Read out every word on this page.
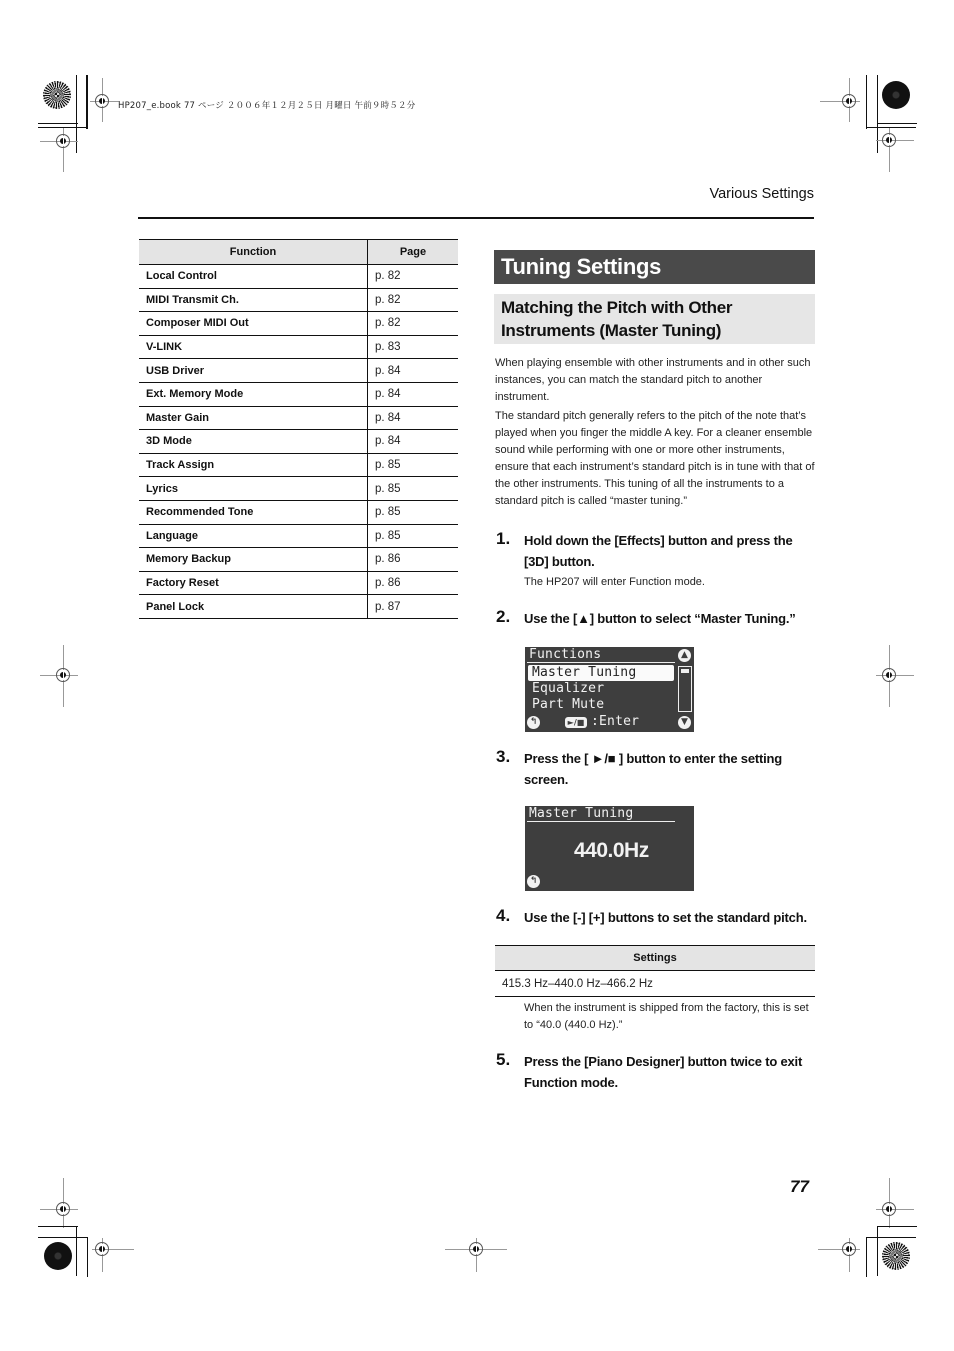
HP207_e.book 77 ページ ２００６年１２月２５日 月曜日 午前９時５２分
Various Settings
Function	Page
Local Control	p. 82
MIDI Transmit Ch.	p. 82
Composer MIDI Out	p. 82
V-LINK	p. 83
USB Driver	p. 84
Ext. Memory Mode	p. 84
Master Gain	p. 84
3D Mode	p. 84
Track Assign	p. 85
Lyrics	p. 85
Recommended Tone	p. 85
Language	p. 85
Memory Backup	p. 86
Factory Reset	p. 86
Panel Lock	p. 87
Tuning Settings
Matching the Pitch with Other
Instruments (Master Tuning)
When playing ensemble with other instruments and in other such instances, you can match the standard pitch to another instrument.
The standard pitch generally refers to the pitch of the note that’s played when you finger the middle A key. For a cleaner ensemble sound while performing with one or more other instruments, ensure that each instrument’s standard pitch is in tune with that of the other instruments. This tuning of all the instruments to a standard pitch is called “master tuning.”
1. Hold down the [Effects] button and press the [3D] button.
The HP207 will enter Function mode.
2. Use the [▲] button to select “Master Tuning.”
Functions	▲
Master Tuning
Equalizer
Part Mute
↰	►/■ :Enter	▼
3. Press the [ ►/■ ] button to enter the setting screen.
Master Tuning
440.0Hz
↰
4. Use the [-] [+] buttons to set the standard pitch.
Settings
415.3 Hz–440.0 Hz–466.2 Hz
When the instrument is shipped from the factory, this is set to “40.0 (440.0 Hz).”
5. Press the [Piano Designer] button twice to exit Function mode.
77
